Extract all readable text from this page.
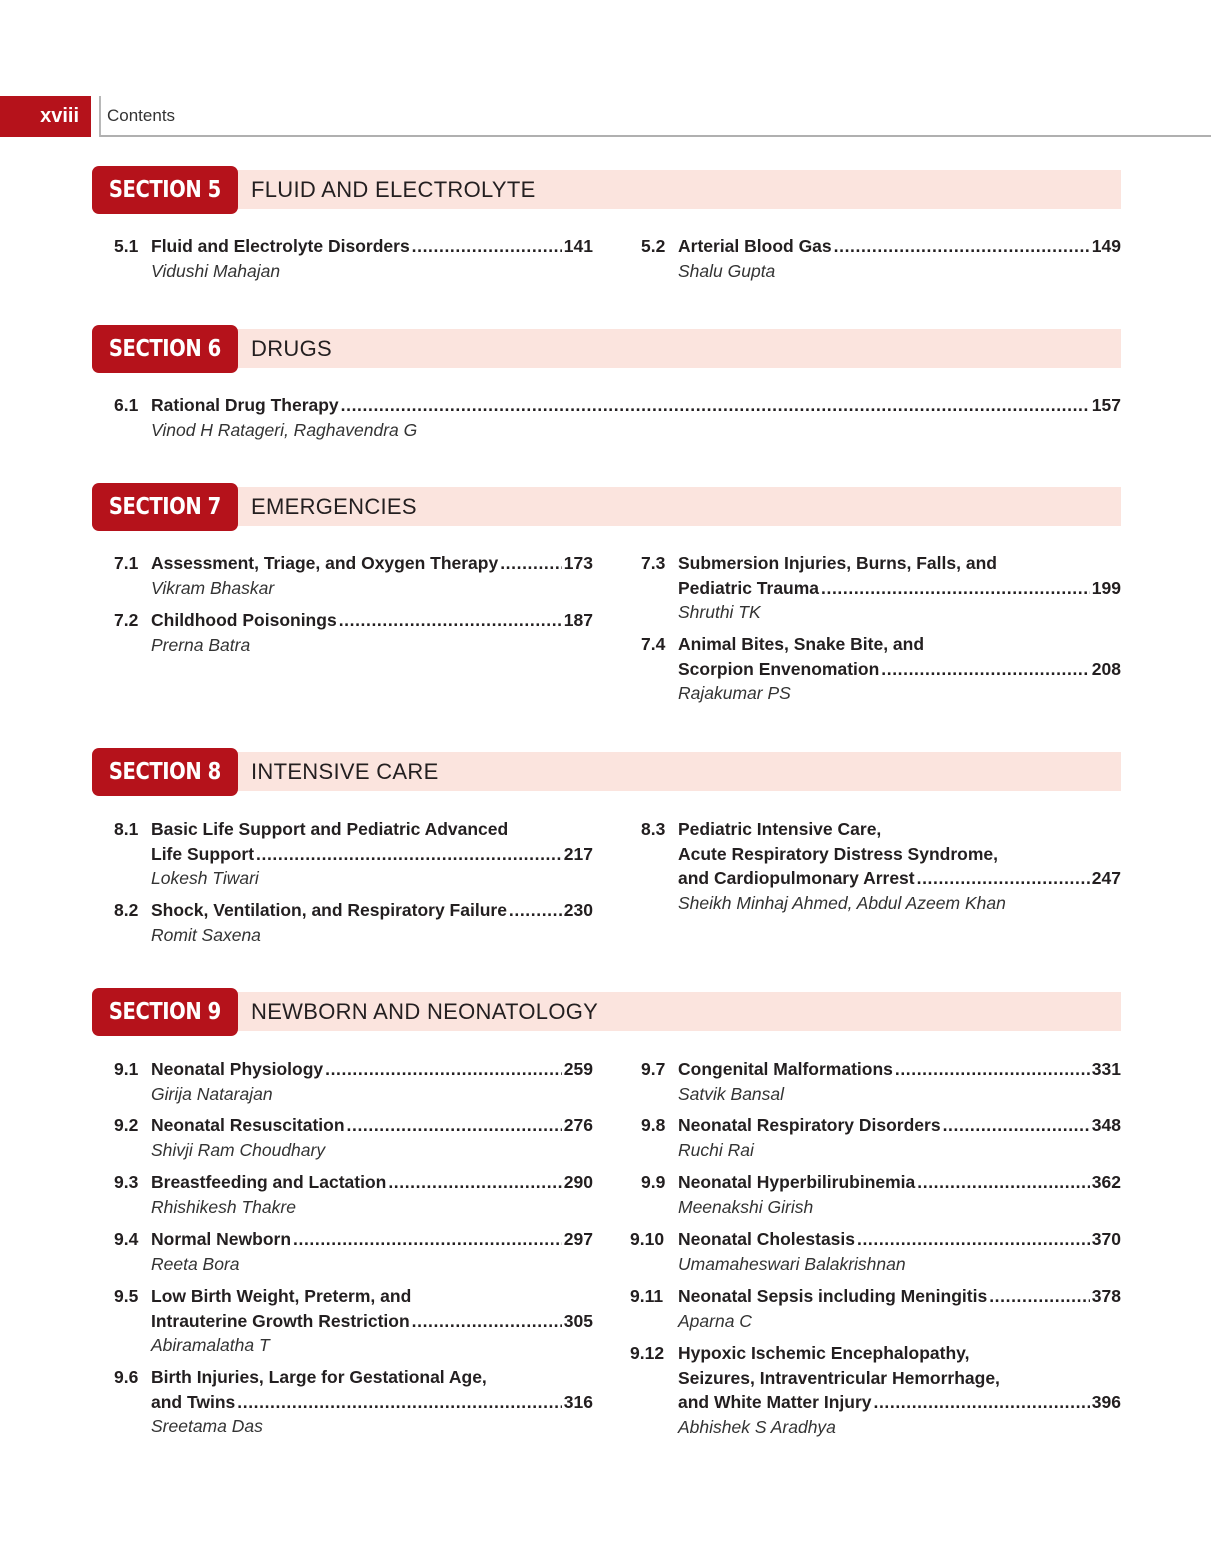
xviii	Contents
SECTION 5 FLUID AND ELECTROLYTE
5.1 Fluid and Electrolyte Disorders .....	141
Vidushi Mahajan
5.2 Arterial Blood Gas .....	149
Shalu Gupta
SECTION 6 DRUGS
6.1 Rational Drug Therapy .....	157
Vinod H Ratageri, Raghavendra G
SECTION 7 EMERGENCIES
7.1 Assessment, Triage, and Oxygen Therapy .....	173
Vikram Bhaskar
7.2 Childhood Poisonings .....	187
Prerna Batra
7.3 Submersion Injuries, Burns, Falls, and
Pediatric Trauma .....	199
Shruthi TK
7.4 Animal Bites, Snake Bite, and
Scorpion Envenomation .....	208
Rajakumar PS
SECTION 8 INTENSIVE CARE
8.1 Basic Life Support and Pediatric Advanced
Life Support .....	217
Lokesh Tiwari
8.2 Shock, Ventilation, and Respiratory Failure .....	230
Romit Saxena
8.3 Pediatric Intensive Care,
Acute Respiratory Distress Syndrome,
and Cardiopulmonary Arrest .....	247
Sheikh Minhaj Ahmed, Abdul Azeem Khan
SECTION 9 NEWBORN AND NEONATOLOGY
9.1 Neonatal Physiology .....	259
Girija Natarajan
9.2 Neonatal Resuscitation .....	276
Shivji Ram Choudhary
9.3 Breastfeeding and Lactation .....	290
Rhishikesh Thakre
9.4 Normal Newborn .....	297
Reeta Bora
9.5 Low Birth Weight, Preterm, and
Intrauterine Growth Restriction .....	305
Abiramalatha T
9.6 Birth Injuries, Large for Gestational Age,
and Twins .....	316
Sreetama Das
9.7 Congenital Malformations .....	331
Satvik Bansal
9.8 Neonatal Respiratory Disorders .....	348
Ruchi Rai
9.9 Neonatal Hyperbilirubinemia .....	362
Meenakshi Girish
9.10 Neonatal Cholestasis .....	370
Umamaheswari Balakrishnan
9.11 Neonatal Sepsis including Meningitis .....	378
Aparna C
9.12 Hypoxic Ischemic Encephalopathy,
Seizures, Intraventricular Hemorrhage,
and White Matter Injury .....	396
Abhishek S Aradhya
